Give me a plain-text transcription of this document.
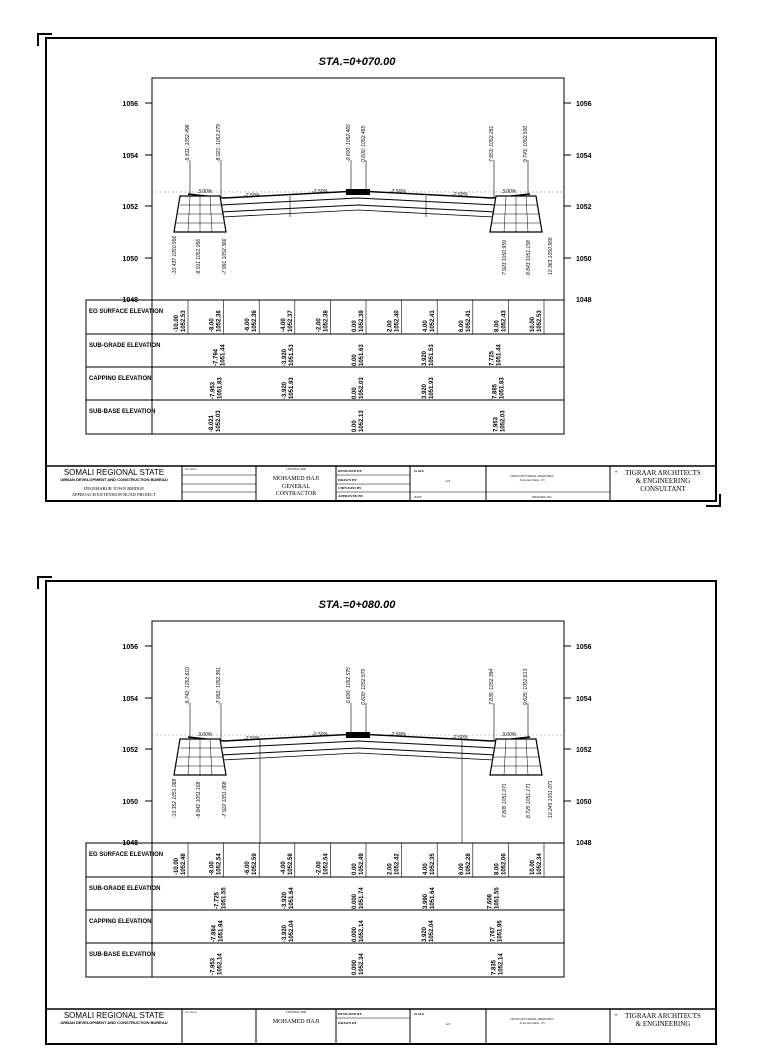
STA.=0+070.00
1056
1054
1052
1050
1048
1056
1054
1052
1050
1048
3.00%
-2.50%
-2.50%	-2.50%	-2.50%	3.00%
-9.811; 1052.498	-8.021; 1052.279	-0.600; 1052.465 0.600; 1052.465	7.953; 1052.281	9.743; 1052.500
-10.437 1050.956	-8.911 1051.056	-7.991 1052.366	7.923 1050.959	8.843 1051.158	10.363 1050.959
EG SURFACE ELEVATION
SUB-GRADE ELEVATION
CAPPING ELEVATION
SUB-BASE ELEVATION
-10.00 1052.53	-8.00 1052.36	-6.00 1052.36	-4.00 1052.37	-2.00 1052.38	0.00 1052.39	2.00 1052.40	4.00 1052.41	6.00 1052.41	8.00 1052.43	10.00 1052.53
-7.794 1051.44	-3.920 1051.53	0.00 1051.63	3.920 1051.53	7.725 1051.44
-7.953 1051.83	-3.920 1051.93	0.00 1052.03	3.920 1051.93	7.885 1051.83
-8.021 1052.03	0.00 1052.13	7.953 1052.03
SOMALI REGIONAL STATE
URBAN DEVELOPMENT AND CONSTRUCTION BUREAU
DEGEHABUR TOWN BRIDGE
APPROACH EXTENSION ROAD PROJECT
REVISION	CONTRACTOR
MOHAMED HAJI
GENERAL
CONTRACTOR
DESIGNED BY
DRAWN BY
CHECKED BY
APPROVED BY
SCALE
A/S
DATE
CROSS SECTIONAL DRAWINGS
X-Section Sheet - 03
DRAWING NO.
• TIGRAAR ARCHITECTS
& ENGINEERING
CONSULTANT
STA.=0+080.00
1056
1054
1052
1050
1048
1056
1054
1052
1050
1048
3.00%
-2.50%
-2.50%	-2.50%	-2.50%	3.00%
-9.742; 1052.610	-7.952; 1052.391	-0.600; 1052.575 0.600; 1052.575	7.835; 1052.394	9.625; 1052.613
-10.352 1051.068	-8.842 1051.168	-7.922 1051.068	7.805 1051.071	8.725 1051.171	10.245 1051.071
EG SURFACE ELEVATION
SUB-GRADE ELEVATION
CAPPING ELEVATION
SUB-BASE ELEVATION
-10.00 1052.48	-8.00 1052.54	-6.00 1052.59	-4.00 1052.58	-2.00 1052.54	0.00 1052.49	2.00 1052.42	4.00 1052.35	6.00 1052.28	8.00 1052.06	10.00 1052.34
-7.725 1051.55	-3.920 1051.64	0.000 1051.74	3.990 1051.64	7.608 1051.55
-7.884 1051.94	-3.920 1052.04	0.000 1052.14	3.920 1052.04	7.767 1051.95
-7.953 1052.14	0.000 1052.34	7.835 1052.14
SOMALI REGIONAL STATE
URBAN DEVELOPMENT AND CONSTRUCTION BUREAU
REVISION	CONTRACTOR
MOHAMED HAJI
DESIGNED BY
DRAWN BY
SCALE
A/S
CROSS SECTIONAL DRAWINGS
X-Section Sheet - 03
• TIGRAAR ARCHITECTS
& ENGINEERING
